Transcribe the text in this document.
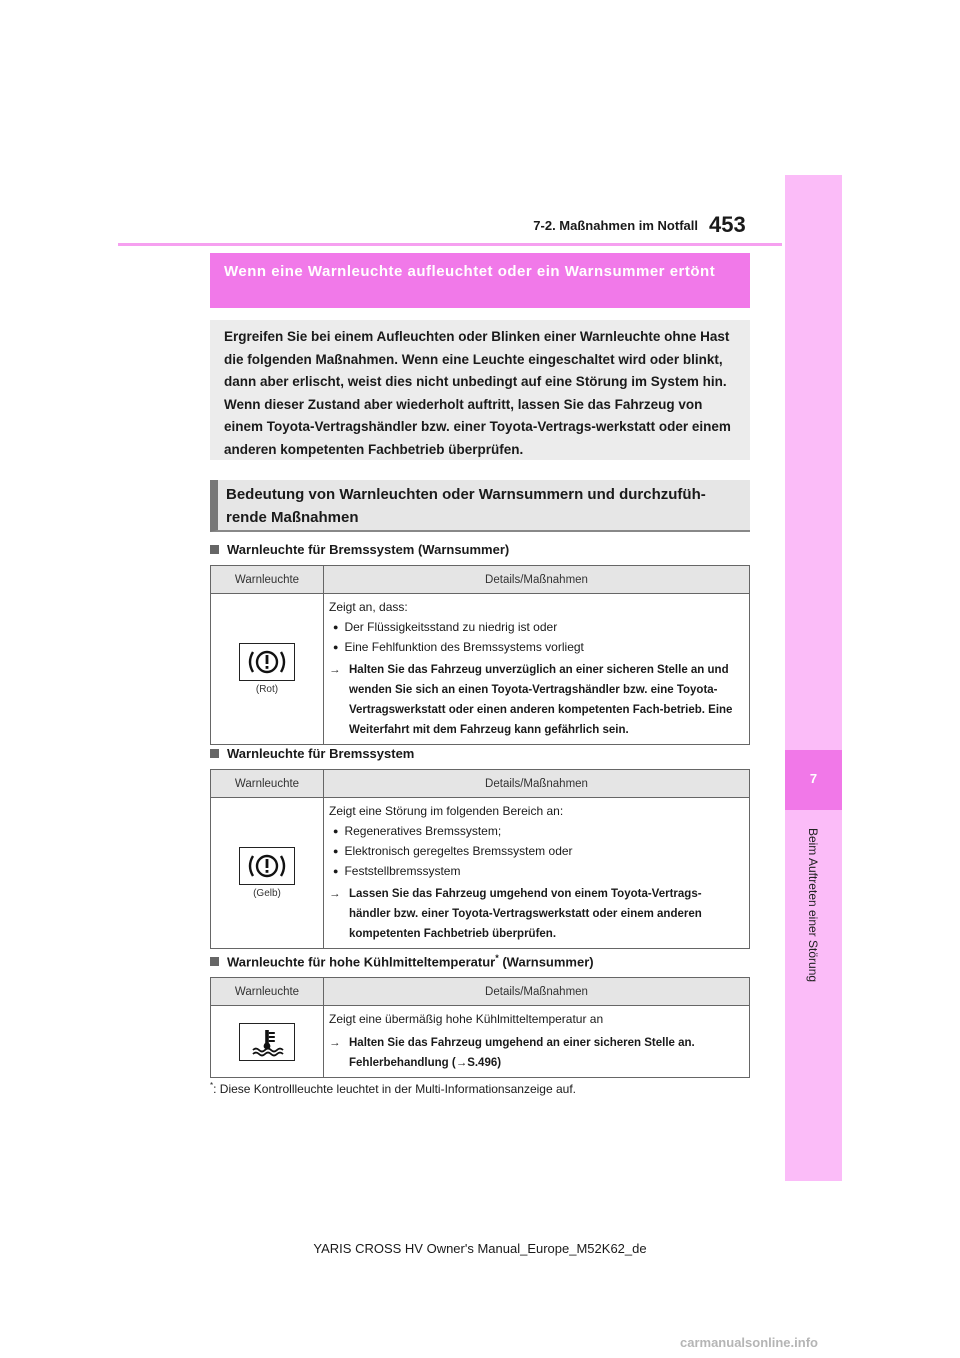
7-2. Maßnahmen im Notfall 453
7
Beim Auftreten einer Störung
Wenn eine Warnleuchte aufleuchtet oder ein Warnsummer ertönt
Ergreifen Sie bei einem Aufleuchten oder Blinken einer Warnleuchte ohne Hast die folgenden Maßnahmen. Wenn eine Leuchte eingeschaltet wird oder blinkt, dann aber erlischt, weist dies nicht unbedingt auf eine Störung im System hin. Wenn dieser Zustand aber wiederholt auftritt, lassen Sie das Fahrzeug von einem Toyota-Vertragshändler bzw. einer Toyota-Vertrags-werkstatt oder einem anderen kompetenten Fachbetrieb überprüfen.
Bedeutung von Warnleuchten oder Warnsummern und durchzufüh-rende Maßnahmen
Warnleuchte für Bremssystem (Warnsummer)
Warnleuchte	Details/Maßnahmen

(Rot)	Zeigt an, dass:
● Der Flüssigkeitsstand zu niedrig ist oder
● Eine Fehlfunktion des Bremssystems vorliegt
→ Halten Sie das Fahrzeug unverzüglich an einer sicheren Stelle an und wenden Sie sich an einen Toyota-Vertragshändler bzw. eine Toyota-Vertragswerkstatt oder einen anderen kompetenten Fach-betrieb. Eine Weiterfahrt mit dem Fahrzeug kann gefährlich sein.
Warnleuchte für Bremssystem
Warnleuchte	Details/Maßnahmen

(Gelb)	Zeigt eine Störung im folgenden Bereich an:
● Regeneratives Bremssystem;
● Elektronisch geregeltes Bremssystem oder
● Feststellbremssystem
→ Lassen Sie das Fahrzeug umgehend von einem Toyota-Vertrags-händler bzw. einer Toyota-Vertragswerkstatt oder einem anderen kompetenten Fachbetrieb überprüfen.
Warnleuchte für hohe Kühlmitteltemperatur* (Warnsummer)
Warnleuchte	Details/Maßnahmen

Zeigt eine übermäßig hohe Kühlmitteltemperatur an
→ Halten Sie das Fahrzeug umgehend an einer sicheren Stelle an. Fehlerbehandlung (→S.496)
*: Diese Kontrollleuchte leuchtet in der Multi-Informationsanzeige auf.
YARIS CROSS HV Owner's Manual_Europe_M52K62_de
carmanualsonline.info
